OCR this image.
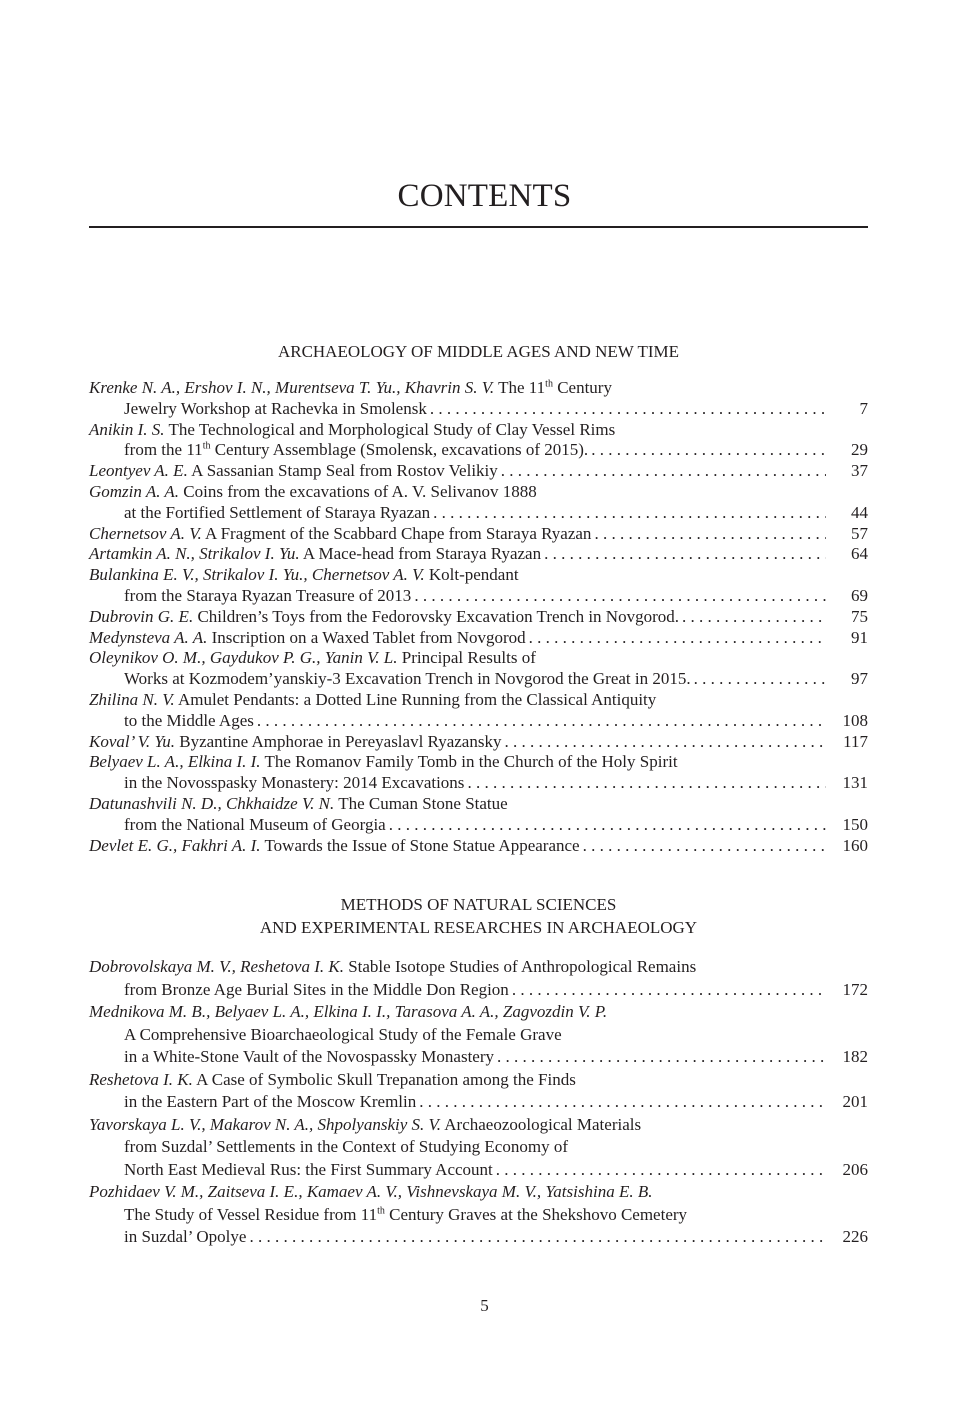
CONTENTS
ARCHAEOLOGY OF MIDDLE AGES AND NEW TIME
Krenke N. A., Ershov I. N., Murentseva T. Yu., Khavrin S. V. The 11th Century
Jewelry Workshop at Rachevka in Smolensk . . .	7
Anikin I. S. The Technological and Morphological Study of Clay Vessel Rims
from the 11th Century Assemblage (Smolensk, excavations of 2015). . . .	29
Leontyev A. E. A Sassanian Stamp Seal from Rostov Velikiy . . .	37
Gomzin A. A. Coins from the excavations of A. V. Selivanov 1888
at the Fortified Settlement of Staraya Ryazan . . .	44
Chernetsov A. V. A Fragment of the Scabbard Chape from Staraya Ryazan . . .	57
Artamkin A. N., Strikalov I. Yu. A Mace-head from Staraya Ryazan . . .	64
Bulankina E. V., Strikalov I. Yu., Chernetsov A. V. Kolt-pendant
from the Staraya Ryazan Treasure of 2013 . . .	69
Dubrovin G. E. Children’s Toys from the Fedorovsky Excavation Trench in Novgorod. . . .	75
Medynsteva A. A. Inscription on a Waxed Tablet from Novgorod . . .	91
Oleynikov O. M., Gaydukov P. G., Yanin V. L. Principal Results of
Works at Kozmodem’yanskiy-3 Excavation Trench in Novgorod the Great in 2015. . . .	97
Zhilina N. V. Amulet Pendants: a Dotted Line Running from the Classical Antiquity
to the Middle Ages . . .	108
Koval’ V. Yu. Byzantine Amphorae in Pereyaslavl Ryazansky . . .	117
Belyaev L. A., Elkina I. I. The Romanov Family Tomb in the Church of the Holy Spirit
in the Novosspasky Monastery: 2014 Excavations . . .	131
Datunashvili N. D., Chkhaidze V. N. The Cuman Stone Statue
from the National Museum of Georgia . . .	150
Devlet E. G., Fakhri A. I. Towards the Issue of Stone Statue Appearance . . .	160
METHODS OF NATURAL SCIENCES
AND EXPERIMENTAL RESEARCHES IN ARCHAEOLOGY
Dobrovolskaya M. V., Reshetova I. K. Stable Isotope Studies of Anthropological Remains
from Bronze Age Burial Sites in the Middle Don Region . . .	172
Mednikova M. B., Belyaev L. A., Elkina I. I., Tarasova A. A., Zagvozdin V. P.
A Comprehensive Bioarchaeological Study of the Female Grave
in a White-Stone Vault of the Novospassky Monastery . . .	182
Reshetova I. K. A Case of Symbolic Skull Trepanation among the Finds
in the Eastern Part of the Moscow Kremlin . . .	201
Yavorskaya L. V., Makarov N. A., Shpolyanskiy S. V. Archaeozoological Materials
from Suzdal’ Settlements in the Context of Studying Economy of
North East Medieval Rus: the First Summary Account . . .	206
Pozhidaev V. M., Zaitseva I. E., Kamaev A. V., Vishnevskaya M. V., Yatsishina E. B.
The Study of Vessel Residue from 11th Century Graves at the Shekshovo Cemetery
in Suzdal’ Opolye . . .	226
5
